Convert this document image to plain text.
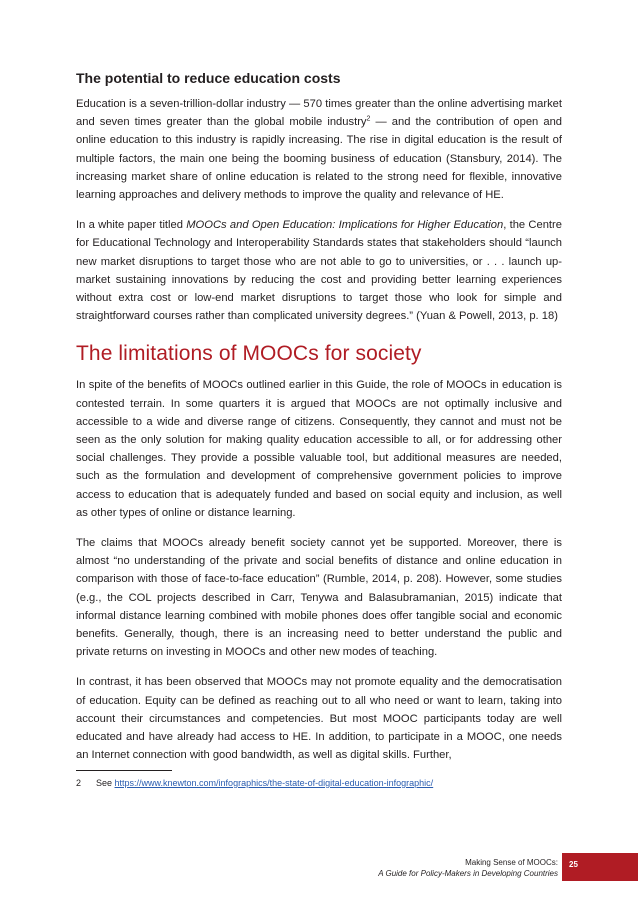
The potential to reduce education costs

Education is a seven-trillion-dollar industry — 570 times greater than the online advertising market and seven times greater than the global mobile industry$^2$ — and the contribution of open and online education to this industry is rapidly increasing. The rise in digital education is the result of multiple factors, the main one being the booming business of education (Stansbury, 2014). The increasing market share of online education is related to the strong need for flexible, innovative learning approaches and delivery methods to improve the quality and relevance of HE.

In a white paper titled MOOCs and Open Education: Implications for Higher Education, the Centre for Educational Technology and Interoperability Standards states that stakeholders should “launch new market disruptions to target those who are not able to go to universities, or . . . launch up-market sustaining innovations by reducing the cost and providing better learning experiences without extra cost or low-end market disruptions to target those who look for simple and straightforward courses rather than complicated university degrees.” (Yuan & Powell, 2013, p. 18)

The limitations of MOOCs for society

In spite of the benefits of MOOCs outlined earlier in this Guide, the role of MOOCs in education is contested terrain. In some quarters it is argued that MOOCs are not optimally inclusive and accessible to a wide and diverse range of citizens. Consequently, they cannot and must not be seen as the only solution for making quality education accessible to all, or for addressing other social challenges. They provide a possible valuable tool, but additional measures are needed, such as the formulation and development of comprehensive government policies to improve access to education that is adequately funded and based on social equity and inclusion, as well as other types of online or distance learning.

The claims that MOOCs already benefit society cannot yet be supported. Moreover, there is almost “no understanding of the private and social benefits of distance and online education in comparison with those of face-to-face education” (Rumble, 2014, p. 208). However, some studies (e.g., the COL projects described in Carr, Tenywa and Balasubramanian, 2015) indicate that informal distance learning combined with mobile phones does offer tangible social and economic benefits. Generally, though, there is an increasing need to better understand the public and private returns on investing in MOOCs and other new modes of teaching.

In contrast, it has been observed that MOOCs may not promote equality and the democratisation of education. Equity can be defined as reaching out to all who need or want to learn, taking into account their circumstances and competencies. But most MOOC participants today are well educated and have already had access to HE. In addition, to participate in a MOOC, one needs an Internet connection with good bandwidth, as well as digital skills. Further,

2 See https://www.knewton.com/infographics/the-state-of-digital-education-infographic/
Making Sense of MOOCs:
A Guide for Policy-Makers in Developing Countries
25
